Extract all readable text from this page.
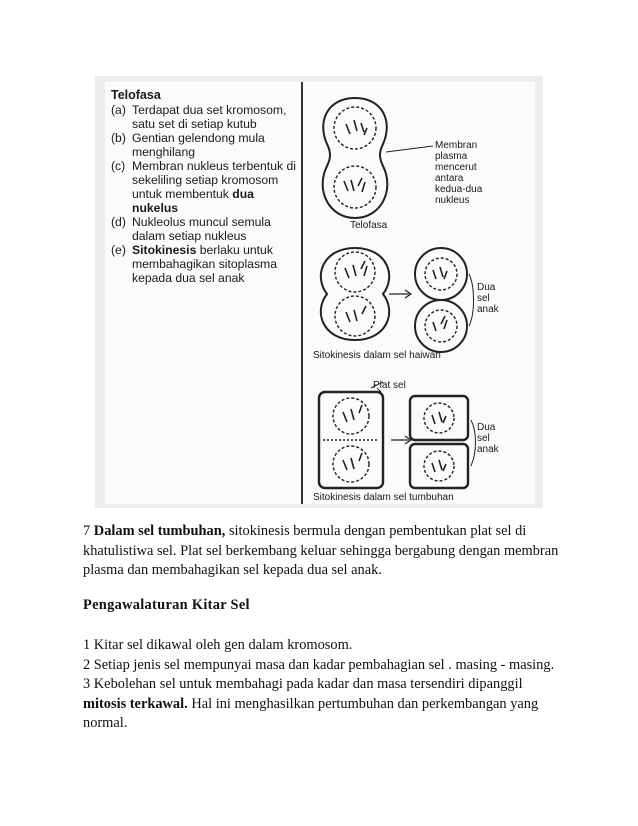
Telofasa
(a) Terdapat dua set kromosom, satu set di setiap kutub
(b) Gentian gelendong mula menghilang
(c) Membran nukleus terbentuk di sekeliling setiap kromosom untuk membentuk dua nukelus
(d) Nukleolus muncul semula dalam setiap nukleus
(e) Sitokinesis berlaku untuk membahagikan sitoplasma kepada dua sel anak
Membran
plasma
mencerut
antara
kedua-dua
nukleus
Telofasa
Dua
sel
anak
Sitokinesis dalam sel haiwan
Plat sel
Dua
sel
anak
Sitokinesis dalam sel tumbuhan

7 Dalam sel tumbuhan, sitokinesis bermula dengan pembentukan plat sel di khatulistiwa sel. Plat sel berkembang keluar sehingga bergabung dengan membran plasma dan membahagikan sel kepada dua sel anak.

Pengawalaturan Kitar Sel

1 Kitar sel dikawal oleh gen dalam kromosom.

2 Setiap jenis sel mempunyai masa dan kadar pembahagian sel . masing - masing.

3 Kebolehan sel untuk membahagi pada kadar dan masa tersendiri dipanggil mitosis terkawal. Hal ini menghasilkan pertumbuhan dan perkembangan yang normal.
